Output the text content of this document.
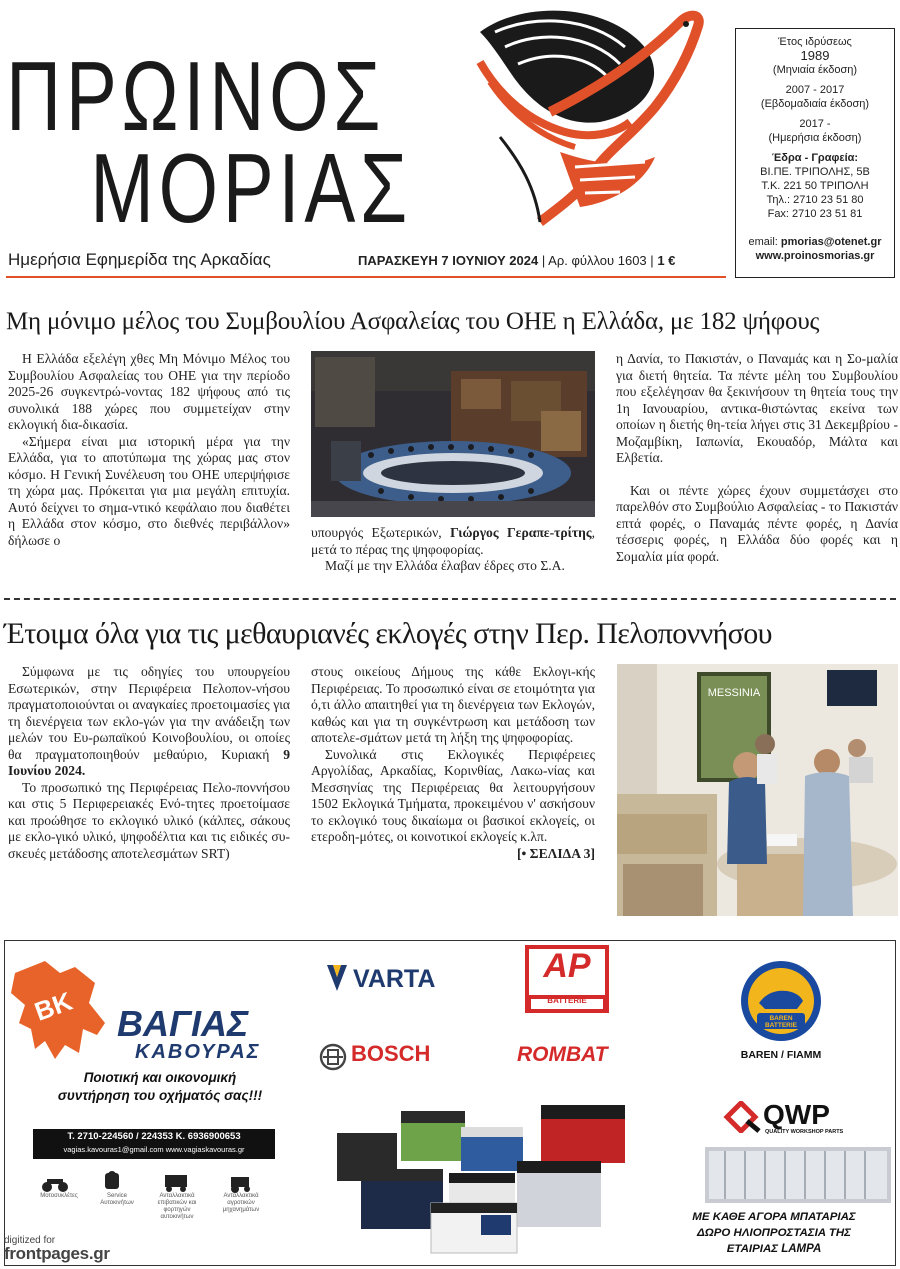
ΠΡΩΙΝΟΣ
ΜΟΡΙΑΣ
Ημερήσια Εφημερίδα της Αρκαδίας	ΠΑΡΑΣΚΕΥΗ 7 ΙΟΥΝΙΟΥ 2024 | Αρ. φύλλου 1603 | 1 €
Έτος ιδρύσεως
1989
(Μηνιαία έκδοση)
2007 - 2017
(Εβδομαδιαία έκδοση)
2017 -
(Ημερήσια έκδοση)
Έδρα - Γραφεία:
ΒΙ.ΠΕ. ΤΡΙΠΟΛΗΣ, 5Β
Τ.Κ. 221 50 ΤΡΙΠΟΛΗ
Τηλ.: 2710 23 51 80
Fax: 2710 23 51 81
email: pmorias@otenet.gr
www.proinosmorias.gr
Μη μόνιμο μέλος του Συμβουλίου Ασφαλείας του ΟΗΕ η Ελλάδα, με 182 ψήφους

Η Ελλάδα εξελέγη χθες Μη Μόνιμο Μέλος του Συμβουλίου Ασφαλείας του ΟΗΕ για την περίοδο 2025-26 συγκεντρώ-νοντας 182 ψήφους από τις συνολικά 188 χώρες που συμμετείχαν στην εκλογική δια-δικασία.

«Σήμερα είναι μια ιστορική μέρα για την Ελλάδα, για το αποτύπωμα της χώρας μας στον κόσμο. Η Γενική Συνέλευση του ΟΗΕ υπερψήφισε τη χώρα μας. Πρόκειται για μια μεγάλη επιτυχία. Αυτό δείχνει το σημα-ντικό κεφάλαιο που διαθέτει η Ελλάδα στον κόσμο, στο διεθνές περιβάλλον» δήλωσε ο	υπουργός Εξωτερικών, Γιώργος Γεραπε-τρίτης, μετά το πέρας της ψηφοφορίας.

Μαζί με την Ελλάδα έλαβαν έδρες στο Σ.Α.

η Δανία, το Πακιστάν, ο Παναμάς και η Σο-μαλία για διετή θητεία. Τα πέντε μέλη του Συμβουλίου που εξελέγησαν θα ξεκινήσουν τη θητεία τους την 1η Ιανουαρίου, αντικα-θιστώντας εκείνα των οποίων η διετής θη-τεία λήγει στις 31 Δεκεμβρίου - Μοζαμβίκη, Ιαπωνία, Εκουαδόρ, Μάλτα και Ελβετία.

Και οι πέντε χώρες έχουν συμμετάσχει στο παρελθόν στο Συμβούλιο Ασφαλείας - το Πακιστάν επτά φορές, ο Παναμάς πέντε φορές, η Δανία τέσσερις φορές, η Ελλάδα δύο φορές και η Σομαλία μία φορά.

Έτοιμα όλα για τις μεθαυριανές εκλογές στην Περ. Πελοποννήσου

Σύμφωνα με τις οδηγίες του υπουργείου Εσωτερικών, στην Περιφέρεια Πελοπον-νήσου πραγματοποιούνται οι αναγκαίες προετοιμασίες για τη διενέργεια των εκλο-γών για την ανάδειξη των μελών του Ευ-ρωπαϊκού Κοινοβουλίου, οι οποίες θα πραγματοποιηθούν μεθαύριο, Κυριακή 9 Ιουνίου 2024.

Το προσωπικό της Περιφέρειας Πελο-ποννήσου και στις 5 Περιφερειακές Ενό-τητες προετοίμασε και προώθησε το εκλογικό υλικό (κάλπες, σάκους με εκλο-γικό υλικό, ψηφοδέλτια και τις ειδικές συ-σκευές μετάδοσης αποτελεσμάτων SRT)

στους οικείους Δήμους της κάθε Εκλογι-κής Περιφέρειας. Το προσωπικό είναι σε ετοιμότητα για ό,τι άλλο απαιτηθεί για τη διενέργεια των Εκλογών, καθώς και για τη συγκέντρωση και μετάδοση των αποτελε-σμάτων μετά τη λήξη της ψηφοφορίας.

Συνολικά στις Εκλογικές Περιφέρειες Αργολίδας, Αρκαδίας, Κορινθίας, Λακω-νίας και Μεσσηνίας της Περιφέρειας θα λειτουργήσουν 1502 Εκλογικά Τμήματα, προκειμένου ν' ασκήσουν το εκλογικό τους δικαίωμα οι βασικοί εκλογείς, οι ετεροδη-μότες, οι κοινοτικοί εκλογείς κ.λπ.

[• ΣΕΛΙΔΑ 3]

MESSINIA
ΒΚ ΒΑΓΙΑΣ
ΚΑΒΟΥΡΑΣ
Ποιοτική και οικονομική
συντήρηση του οχήματός σας!!!
Τ. 2710-224560 / 224353 Κ. 6936900653
vagias.kavouras1@gmail.com www.vagiaskavouras.gr
Μοτοσυκλέτες	Service Αυτοκινήτων
Ανταλλακτικά επιβατικών και φορτηγών αυτοκινήτων
Ανταλλακτικά αγροτικών μηχανημάτων
VARTA	AP
BATTERIE
BAREN
BATTERIE
BAREN / FIAMM
BOSCH	ROMBAT
QWP
QUALITY WORKSHOP PARTS
ΜΕ ΚΑΘΕ ΑΓΟΡΑ ΜΠΑΤΑΡΙΑΣ
ΔΩΡΟ ΗΛΙΟΠΡΟΣΤΑΣΙΑ ΤΗΣ
ΕΤΑΙΡΙΑΣ LAMPA
digitized for
frontpages.gr
